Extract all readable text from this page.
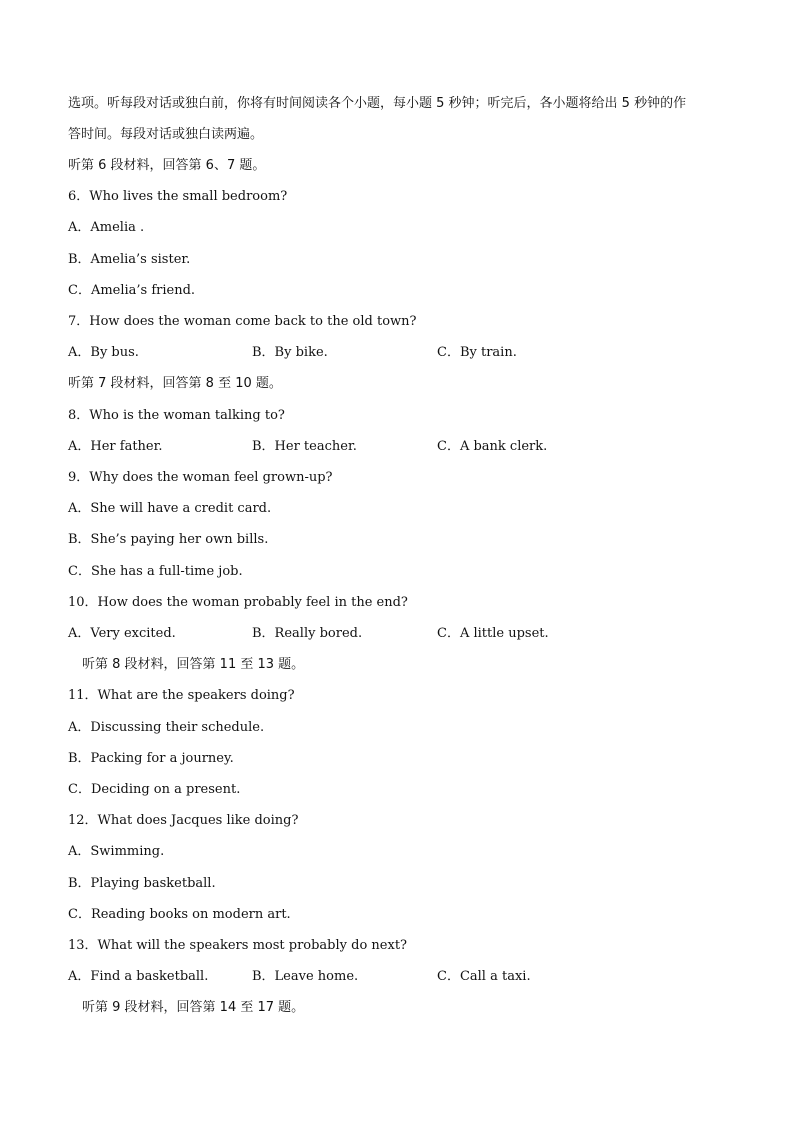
选项。听每段对话或独白前，你将有时间阅读各个小题，每小题 5 秒钟；听完后，各小题将给出 5 秒钟的作
答时间。每段对话或独白读两遍。
听第 6 段材料，回答第 6、7 题。
6．Who lives the small bedroom?
A．Amelia .
B．Amelia’s sister.
C．Amelia’s friend.
7．How does the woman come back to the old town?
A．By bus.	B．By bike.	C．By train.
听第 7 段材料，回答第 8 至 10 题。
8．Who is the woman talking to?
A．Her father.	B．Her teacher.	C．A bank clerk.
9．Why does the woman feel grown-up?
A．She will have a credit card.
B．She’s paying her own bills.
C．She has a full-time job.
10．How does the woman probably feel in the end?
A．Very excited.	B．Really bored.	C．A little upset.
听第 8 段材料，回答第 11 至 13 题。
11．What are the speakers doing?
A．Discussing their schedule.
B．Packing for a journey.
C．Deciding on a present.
12．What does Jacques like doing?
A．Swimming.
B．Playing basketball.
C．Reading books on modern art.
13．What will the speakers most probably do next?
A．Find a basketball.	B．Leave home.	C．Call a taxi.
听第 9 段材料，回答第 14 至 17 题。
